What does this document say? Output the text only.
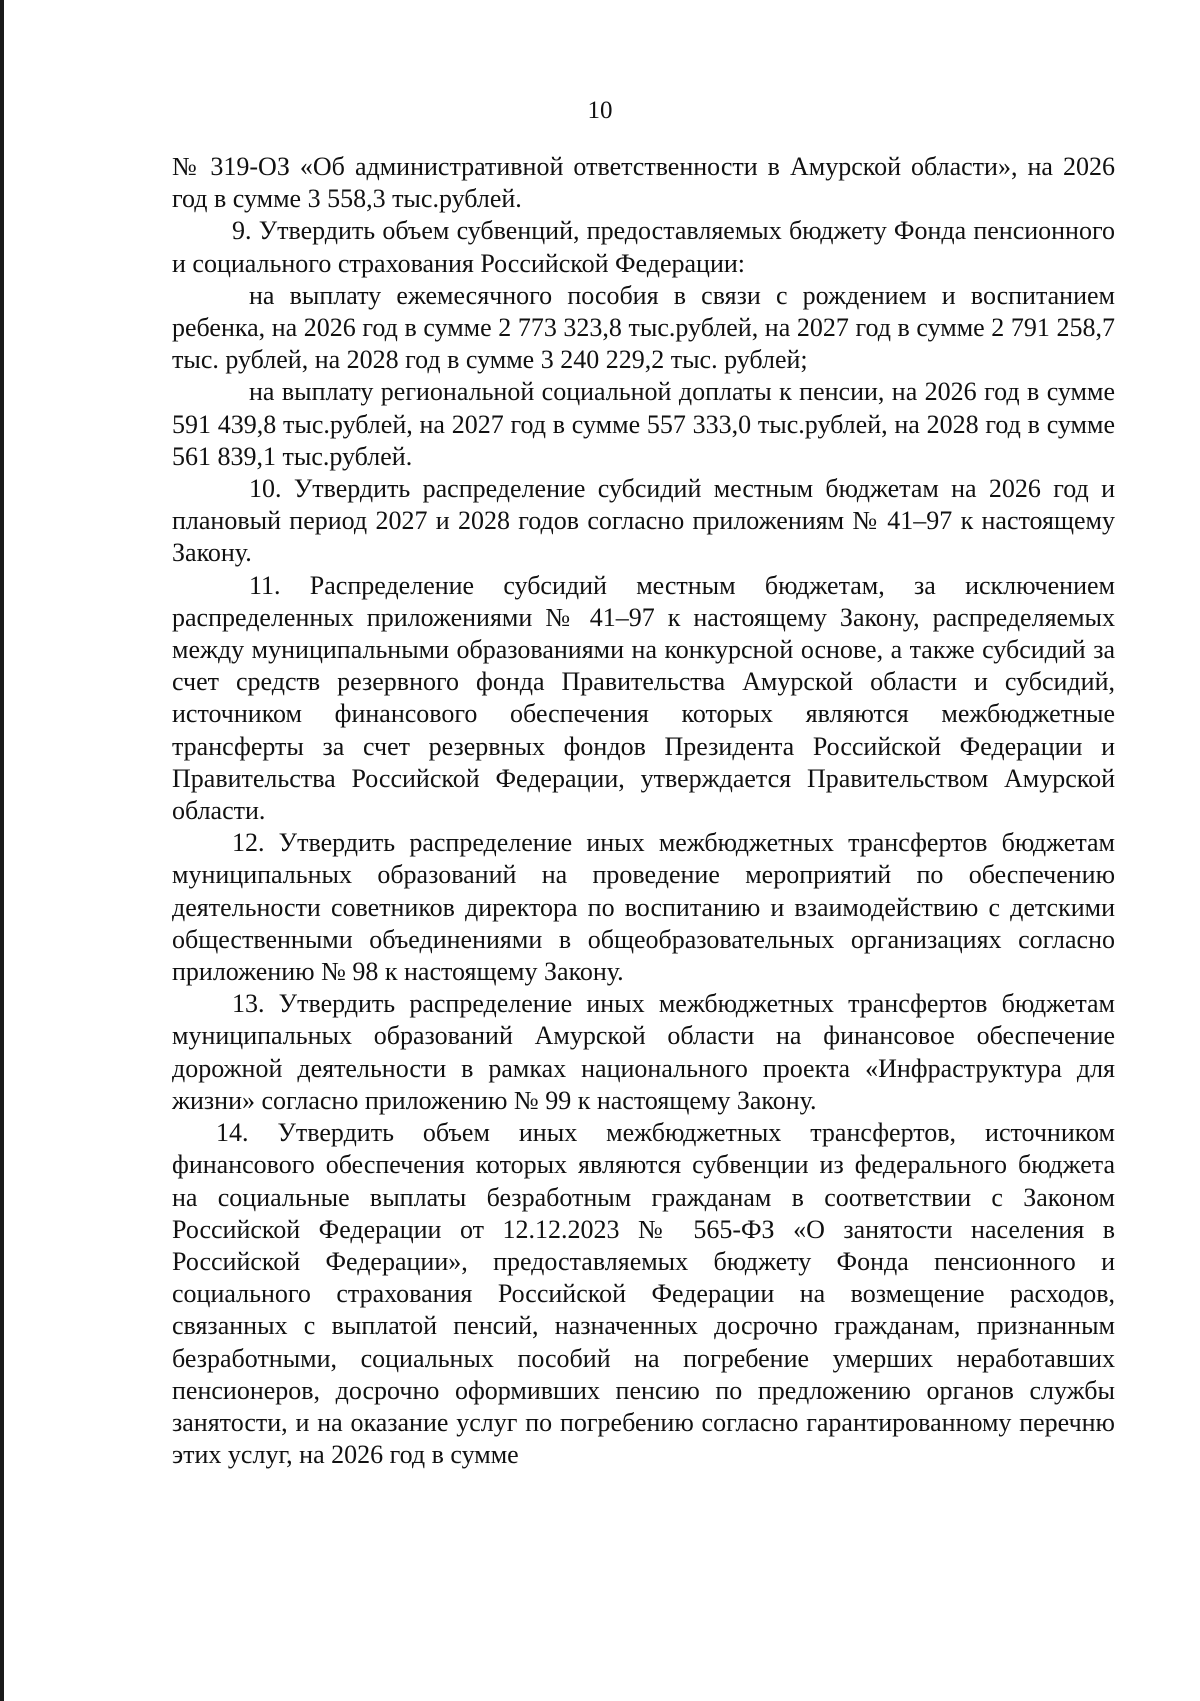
10

№ 319-ОЗ «Об административной ответственности в Амурской области», на 2026 год в сумме 3 558,3 тыс.рублей.

9. Утвердить объем субвенций, предоставляемых бюджету Фонда пенсионного и социального страхования Российской Федерации:

на выплату ежемесячного пособия в связи с рождением и воспитанием ребенка, на 2026 год в сумме 2 773 323,8 тыс.рублей, на 2027 год в сумме 2 791 258,7 тыс. рублей, на 2028 год в сумме 3 240 229,2 тыс. рублей;

на выплату региональной социальной доплаты к пенсии, на 2026 год в сумме 591 439,8 тыс.рублей, на 2027 год в сумме 557 333,0 тыс.рублей, на 2028 год в сумме 561 839,1 тыс.рублей.

10. Утвердить распределение субсидий местным бюджетам на 2026 год и плановый период 2027 и 2028 годов согласно приложениям № 41–97 к настоящему Закону.

11. Распределение субсидий местным бюджетам, за исключением распределенных приложениями № 41–97 к настоящему Закону, распределяемых между муниципальными образованиями на конкурсной основе, а также субсидий за счет средств резервного фонда Правительства Амурской области и субсидий, источником финансового обеспечения которых являются межбюджетные трансферты за счет резервных фондов Президента Российской Федерации и Правительства Российской Федерации, утверждается Правительством Амурской области.

12. Утвердить распределение иных межбюджетных трансфертов бюджетам муниципальных образований на проведение мероприятий по обеспечению деятельности советников директора по воспитанию и взаимодействию с детскими общественными объединениями в общеобразовательных организациях согласно приложению № 98 к настоящему Закону.

13. Утвердить распределение иных межбюджетных трансфертов бюджетам муниципальных образований Амурской области на финансовое обеспечение дорожной деятельности в рамках национального проекта «Инфраструктура для жизни» согласно приложению № 99 к настоящему Закону.

14. Утвердить объем иных межбюджетных трансфертов, источником финансового обеспечения которых являются субвенции из федерального бюджета на социальные выплаты безработным гражданам в соответствии с Законом Российской Федерации от 12.12.2023 № 565-ФЗ «О занятости населения в Российской Федерации», предоставляемых бюджету Фонда пенсионного и социального страхования Российской Федерации на возмещение расходов, связанных с выплатой пенсий, назначенных досрочно гражданам, признанным безработными, социальных пособий на погребение умерших неработавших пенсионеров, досрочно оформивших пенсию по предложению органов службы занятости, и на оказание услуг по погребению согласно гарантированному перечню этих услуг, на 2026 год в сумме
